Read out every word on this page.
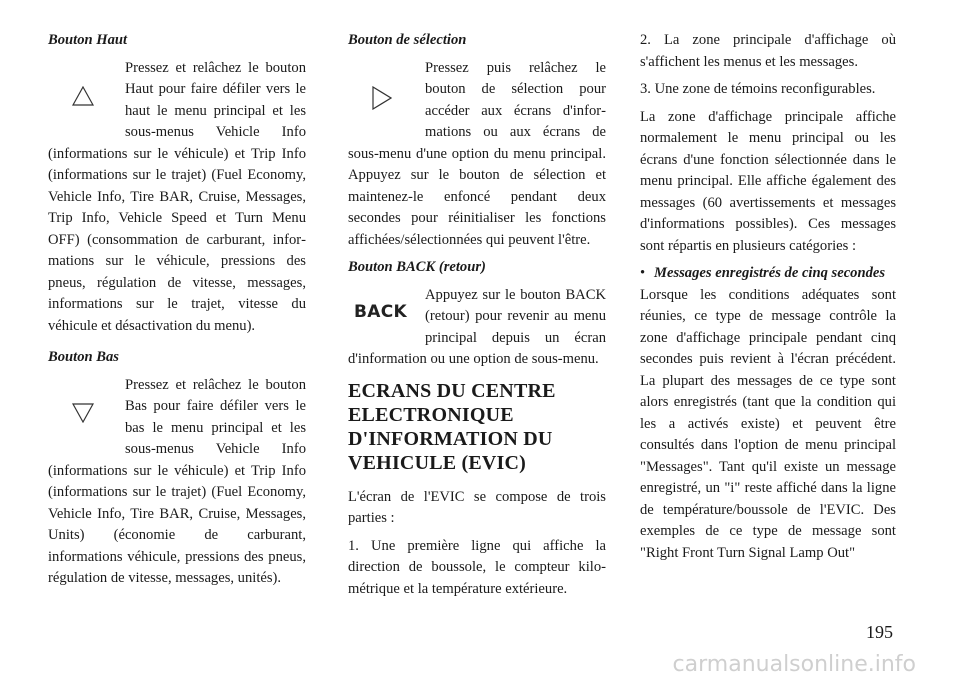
Bouton Haut
Pressez et relâchez le bouton Haut pour faire défiler vers le haut le menu principal et les sous-menus Vehicle Info (informations sur le véhicule) et Trip Info (informations sur le trajet) (Fuel Economy, Vehicle Info, Tire BAR, Cruise, Messages, Trip Info, Vehicle Speed et Turn Menu OFF) (consommation de carburant, informations sur le véhicule, pressions des pneus, régulation de vitesse, messages, informations sur le trajet, vitesse du véhicule et désactivation du menu).
Bouton Bas
Pressez et relâchez le bouton Bas pour faire défiler vers le bas le menu principal et les sous-menus Vehicle Info (informations sur le véhicule) et Trip Info (informations sur le trajet) (Fuel Economy, Vehicle Info, Tire BAR, Cruise, Messages, Units) (économie de carburant, informations véhicule, pressions des pneus, régulation de vitesse, messages, unités).
Bouton de sélection
Pressez puis relâchez le bouton de sélection pour accéder aux écrans d'informations ou aux écrans de sous-menu d'une option du menu principal. Appuyez sur le bouton de sélection et maintenez-le enfoncé pendant deux secondes pour réinitialiser les fonctions affichées/sélectionnées qui peuvent l'être.
Bouton BACK (retour)
BACK
Appuyez sur le bouton BACK (retour) pour revenir au menu principal depuis un écran d'information ou une option de sous-menu.
ECRANS DU CENTRE ELECTRONIQUE D'INFORMATION DU VEHICULE (EVIC)
L'écran de l'EVIC se compose de trois parties :
1. Une première ligne qui affiche la direction de boussole, le compteur kilométrique et la température extérieure.
2. La zone principale d'affichage où s'affichent les menus et les messages.
3. Une zone de témoins reconfigurables.
La zone d'affichage principale affiche normalement le menu principal ou les écrans d'une fonction sélectionnée dans le menu principal. Elle affiche également des messages (60 avertissements et messages d'informations possibles). Ces messages sont répartis en plusieurs catégories :
• Messages enregistrés de cinq secondes
Lorsque les conditions adéquates sont réunies, ce type de message contrôle la zone d'affichage principale pendant cinq secondes puis revient à l'écran précédent. La plupart des messages de ce type sont alors enregistrés (tant que la condition qui les a activés existe) et peuvent être consultés dans l'option de menu principal "Messages". Tant qu'il existe un message enregistré, un "i" reste affiché dans la ligne de température/boussole de l'EVIC. Des exemples de ce type de message sont "Right Front Turn Signal Lamp Out"
195
carmanualsonline.info
